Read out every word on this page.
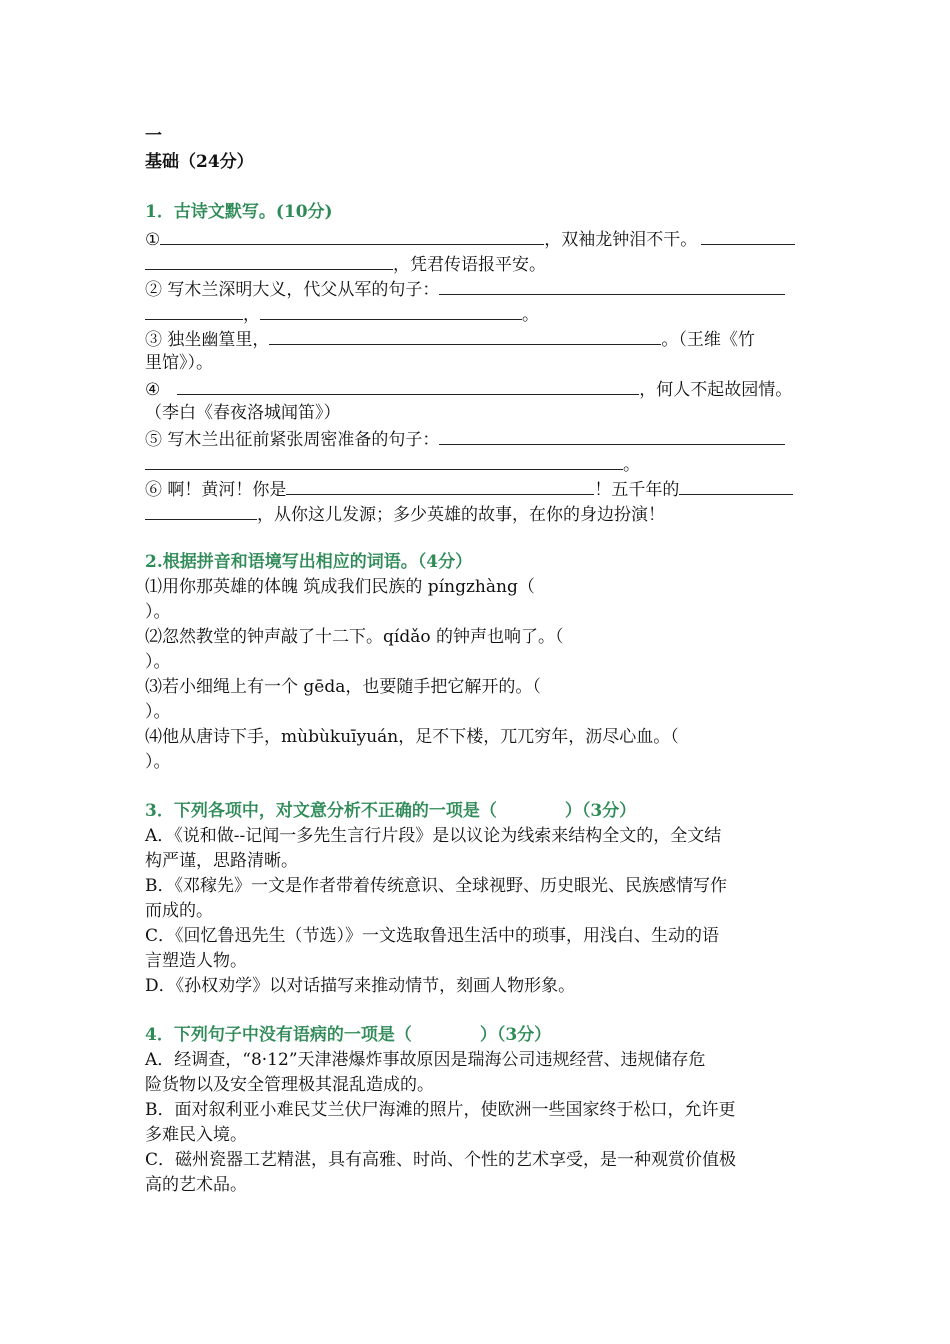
一
基础（24分）
1．古诗文默写。(10分)
①	，双袖龙钟泪不干。
，凭君传语报平安。
② 写木兰深明大义，代父从军的句子：
，	。
③ 独坐幽篁里，	。（王维《竹
里馆》）。
④	，何人不起故园情。
（李白《春夜洛城闻笛》）
⑤ 写木兰出征前紧张周密准备的句子：
。
⑥ 啊！黄河！你是	！五千年的
，从你这儿发源；多少英雄的故事，在你的身边扮演！
2.根据拼音和语境写出相应的词语。（4分）
⑴用你那英雄的体魄 筑成我们民族的 píngzhàng（
）。
⑵忽然教堂的钟声敲了十二下。qídǎo 的钟声也响了。（
）。
⑶若小细绳上有一个 gēda，也要随手把它解开的。（
）。
⑷他从唐诗下手，mùbùkuīyuán，足不下楼，兀兀穷年，沥尽心血。（
）。
3．下列各项中，对文意分析不正确的一项是（　　　　）（3分）
A．《说和做--记闻一多先生言行片段》是以议论为线索来结构全文的，全文结
构严谨，思路清晰。
B．《邓稼先》一文是作者带着传统意识、全球视野、历史眼光、民族感情写作
而成的。
C．《回忆鲁迅先生（节选）》一文选取鲁迅生活中的琐事，用浅白、生动的语
言塑造人物。
D．《孙权劝学》以对话描写来推动情节，刻画人物形象。
4．下列句子中没有语病的一项是（　　　　）（3分）
A．经调查，“8·12”天津港爆炸事故原因是瑞海公司违规经营、违规储存危
险货物以及安全管理极其混乱造成的。
B．面对叙利亚小难民艾兰伏尸海滩的照片，使欧洲一些国家终于松口，允许更
多难民入境。
C．磁州瓷器工艺精湛，具有高雅、时尚、个性的艺术享受，是一种观赏价值极
高的艺术品。
